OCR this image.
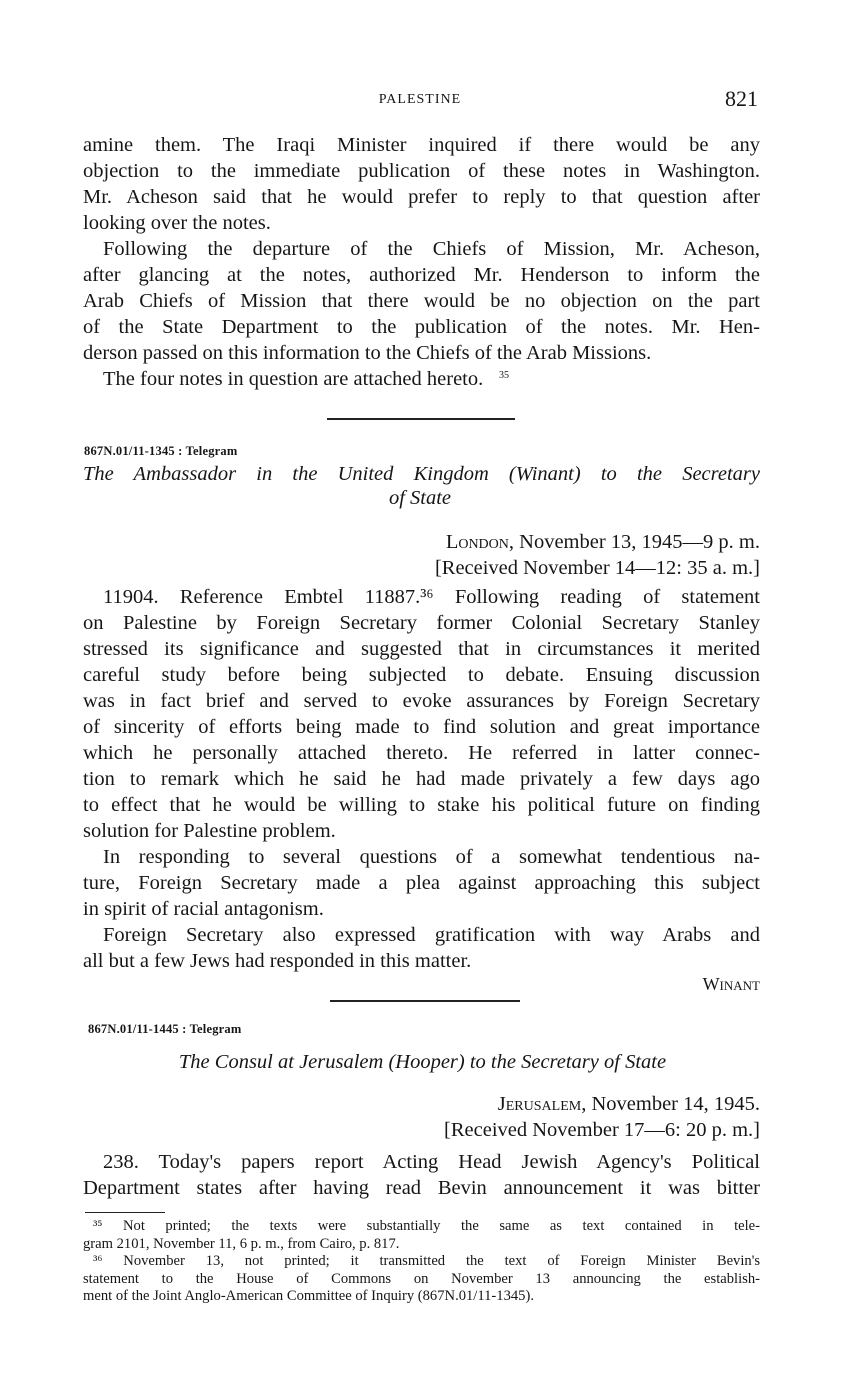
PALESTINE	821
amine them. The Iraqi Minister inquired if there would be any
objection to the immediate publication of these notes in Washington.
Mr. Acheson said that he would prefer to reply to that question after
looking over the notes.
Following the departure of the Chiefs of Mission, Mr. Acheson,
after glancing at the notes, authorized Mr. Henderson to inform the
Arab Chiefs of Mission that there would be no objection on the part
of the State Department to the publication of the notes. Mr. Hen-
derson passed on this information to the Chiefs of the Arab Missions.
The four notes in question are attached hereto.	35
867N.01/11-1345 : Telegram
The Ambassador in the United Kingdom (Winant) to the Secretary
of State
London, November 13, 1945—9 p. m.
[Received November 14—12: 35 a. m.]
11904. Reference Embtel 11887.³⁶ Following reading of statement
on Palestine by Foreign Secretary former Colonial Secretary Stanley
stressed its significance and suggested that in circumstances it merited
careful study before being subjected to debate. Ensuing discussion
was in fact brief and served to evoke assurances by Foreign Secretary
of sincerity of efforts being made to find solution and great importance
which he personally attached thereto. He referred in latter connec-
tion to remark which he said he had made privately a few days ago
to effect that he would be willing to stake his political future on finding
solution for Palestine problem.
In responding to several questions of a somewhat tendentious na-
ture, Foreign Secretary made a plea against approaching this subject
in spirit of racial antagonism.
Foreign Secretary also expressed gratification with way Arabs and
all but a few Jews had responded in this matter.
Winant
867N.01/11-1445 : Telegram
The Consul at Jerusalem (Hooper) to the Secretary of State
Jerusalem, November 14, 1945.
[Received November 17—6: 20 p. m.]
238. Today's papers report Acting Head Jewish Agency's Political
Department states after having read Bevin announcement it was bitter
³⁵ Not printed; the texts were substantially the same as text contained in tele-
gram 2101, November 11, 6 p. m., from Cairo, p. 817.
³⁶ November 13, not printed; it transmitted the text of Foreign Minister Bevin's
statement to the House of Commons on November 13 announcing the establish-
ment of the Joint Anglo-American Committee of Inquiry (867N.01/11-1345).
